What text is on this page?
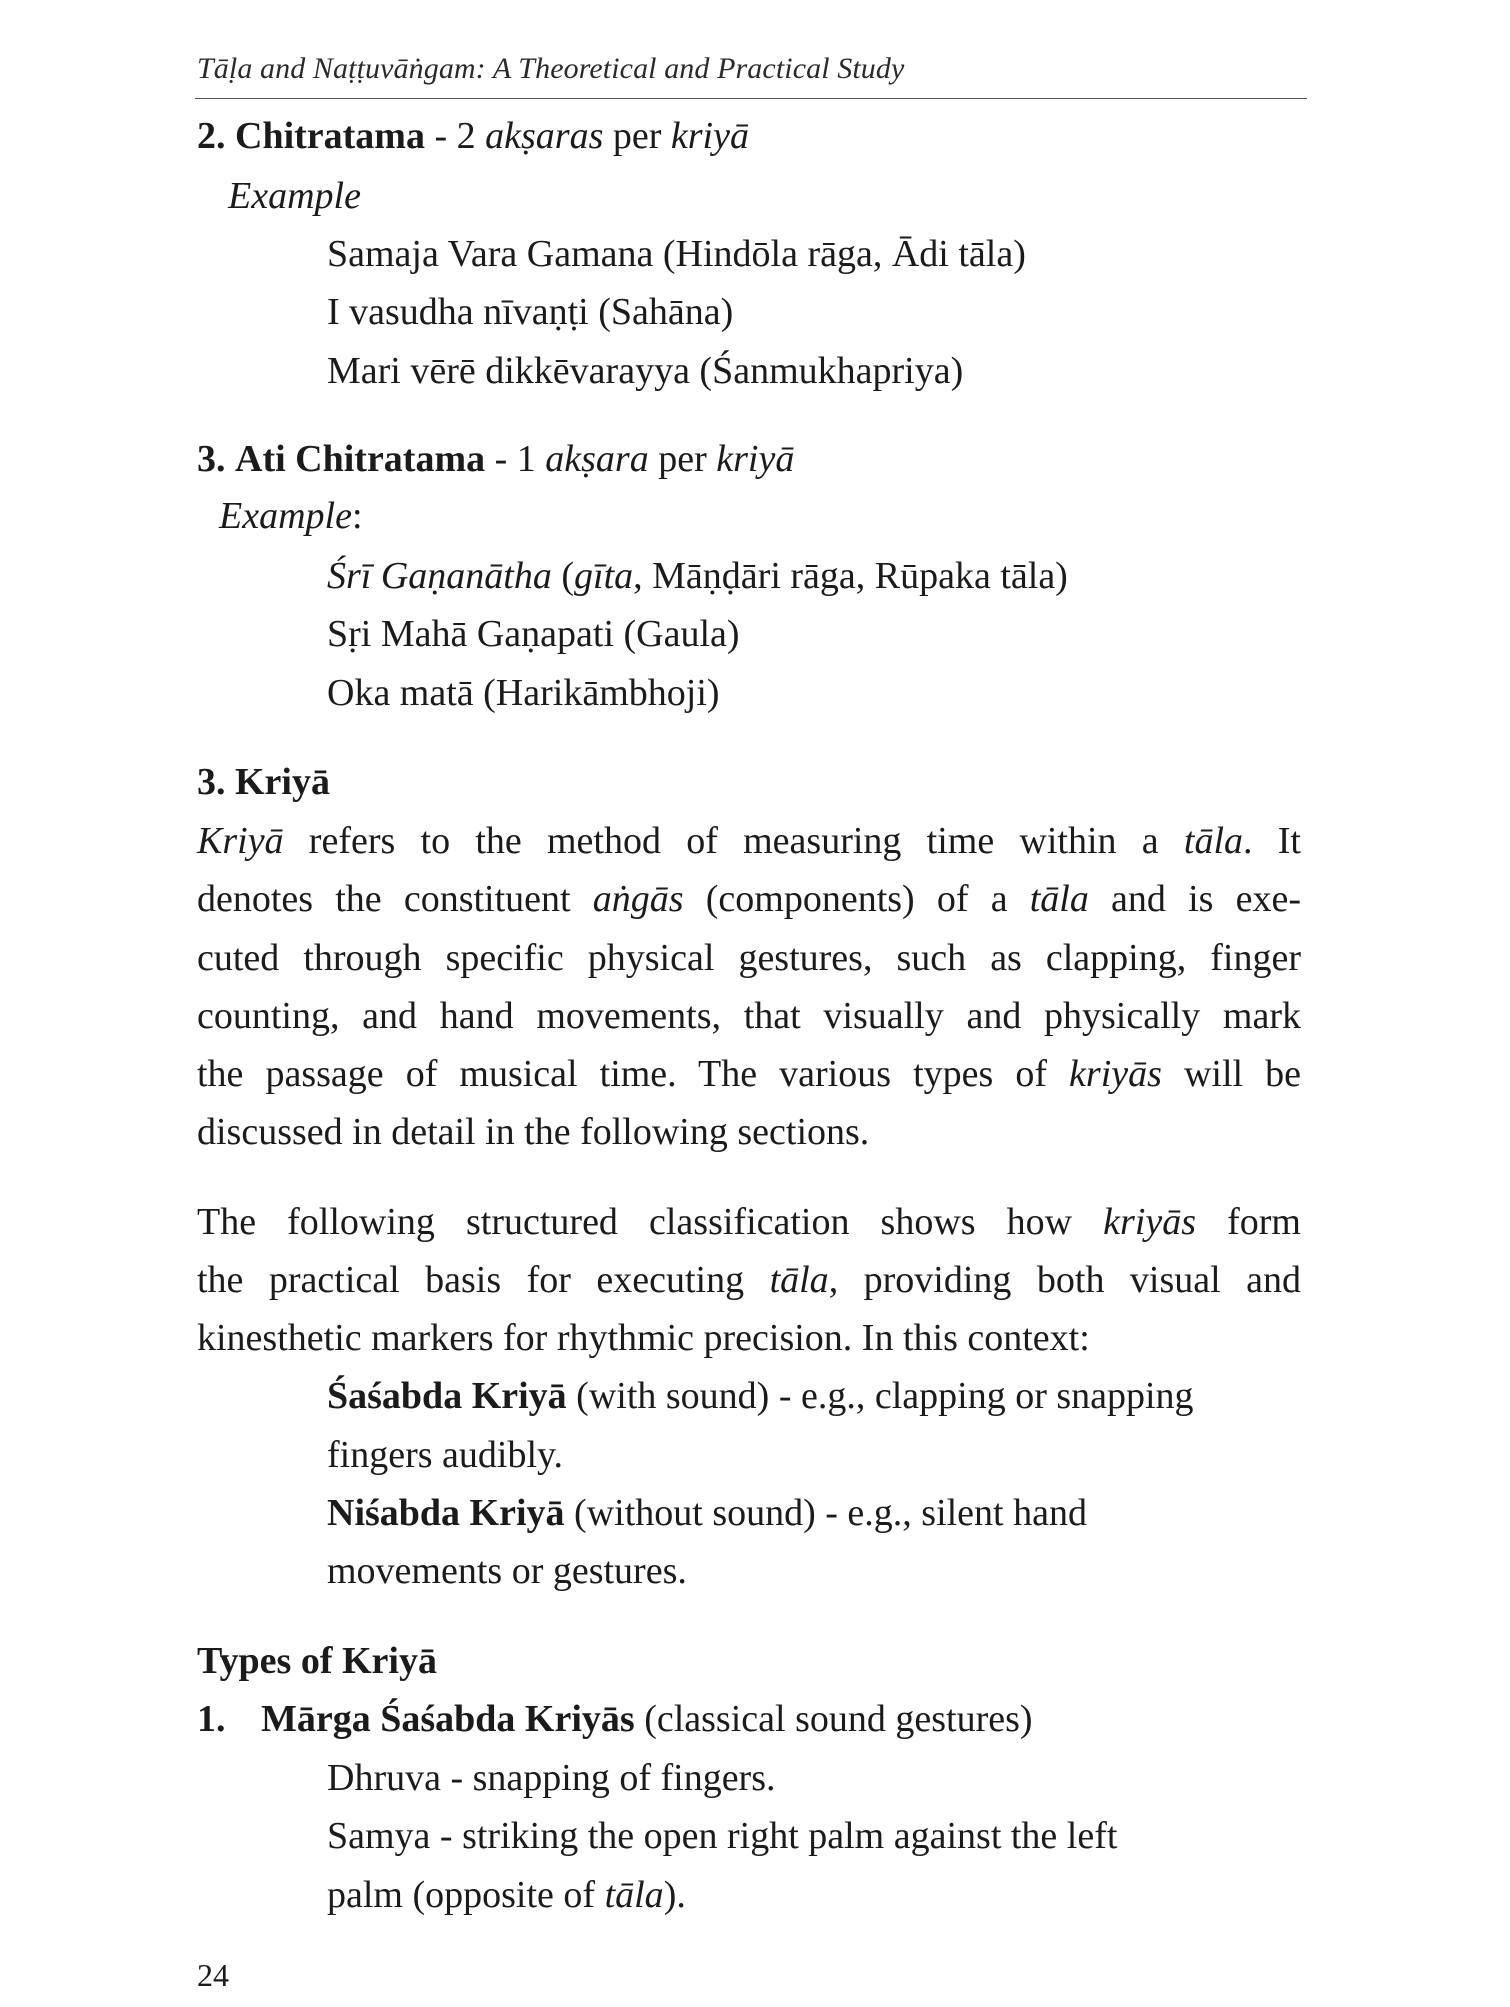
Tāḷa and Naṭṭuvāṅgam: A Theoretical and Practical Study
2. Chitratama - 2 akṣaras per kriyā
Example
Samaja Vara Gamana (Hindōla rāga, Ādi tāla)
I vasudha nīvaṇṭi (Sahāna)
Mari vērē dikkēvarayya (Śanmukhapriya)
3. Ati Chitratama - 1 akṣara per kriyā
Example:
Śrī Gaṇanātha (gīta, Māṇḍāri rāga, Rūpaka tāla)
Sṛi Mahā Gaṇapati (Gaula)
Oka matā (Harikāmbhoji)
3. Kriyā
Kriyā refers to the method of measuring time within a tāla. It
denotes the constituent aṅgās (components) of a tāla and is exe-
cuted through specific physical gestures, such as clapping, finger
counting, and hand movements, that visually and physically mark
the passage of musical time. The various types of kriyās will be
discussed in detail in the following sections.
The following structured classification shows how kriyās form
the practical basis for executing tāla, providing both visual and
kinesthetic markers for rhythmic precision. In this context:
Śaśabda Kriyā (with sound) - e.g., clapping or snapping
fingers audibly.
Niśabda Kriyā (without sound) - e.g., silent hand
movements or gestures.
Types of Kriyā
1. Mārga Śaśabda Kriyās (classical sound gestures)
Dhruva - snapping of fingers.
Samya - striking the open right palm against the left
palm (opposite of tāla).
24
